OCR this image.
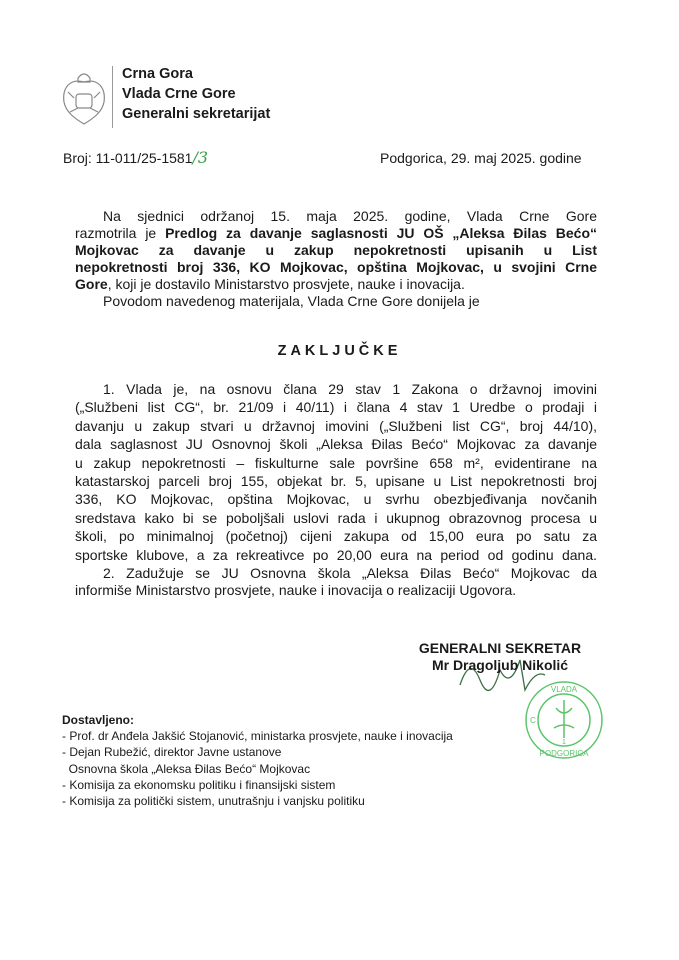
Crna Gora
Vlada Crne Gore
Generalni sekretarijat
Broj: 11-011/25-1581/3	Podgorica, 29. maj 2025. godine
Na sjednici održanoj 15. maja 2025. godine, Vlada Crne Gore
razmotrila je Predlog za davanje saglasnosti JU OŠ „Aleksa Đilas Bećo“
Mojkovac za davanje u zakup nepokretnosti upisanih u List
nepokretnosti broj 336, KO Mojkovac, opština Mojkovac, u svojini Crne
Gore, koji je dostavilo Ministarstvo prosvjete, nauke i inovacija.
Povodom navedenog materijala, Vlada Crne Gore donijela je
ZAKLJUČKE
1. Vlada je, na osnovu člana 29 stav 1 Zakona o državnoj imovini
(„Službeni list CG“, br. 21/09 i 40/11) i člana 4 stav 1 Uredbe o prodaji i
davanju u zakup stvari u državnoj imovini („Službeni list CG“, broj 44/10),
dala saglasnost JU Osnovnoj školi „Aleksa Đilas Bećo“ Mojkovac za davanje
u zakup nepokretnosti – fiskulturne sale površine 658 m², evidentirane na
katastarskoj parceli broj 155, objekat br. 5, upisane u List nepokretnosti broj
336, KO Mojkovac, opština Mojkovac, u svrhu obezbjeđivanja novčanih
sredstava kako bi se poboljšali uslovi rada i ukupnog obrazovnog procesa u
školi, po minimalnoj (početnoj) cijeni zakupa od 15,00 eura po satu za
sportske klubove, a za rekreativce po 20,00 eura na period od godinu dana.
2. Zadužuje se JU Osnovna škola „Aleksa Đilas Bećo“ Mojkovac da
informiše Ministarstvo prosvjete, nauke i inovacija o realizaciji Ugovora.
GENERALNI SEKRETAR
Mr Dragoljub Nikolić
VLADA
C
1
PODGORICA
Dostavljeno:
- Prof. dr Anđela Jakšić Stojanović, ministarka prosvjete, nauke i inovacija
- Dejan Rubežić, direktor Javne ustanove
Osnovna škola „Aleksa Đilas Bećo“ Mojkovac
- Komisija za ekonomsku politiku i finansijski sistem
- Komisija za politički sistem, unutrašnju i vanjsku politiku
